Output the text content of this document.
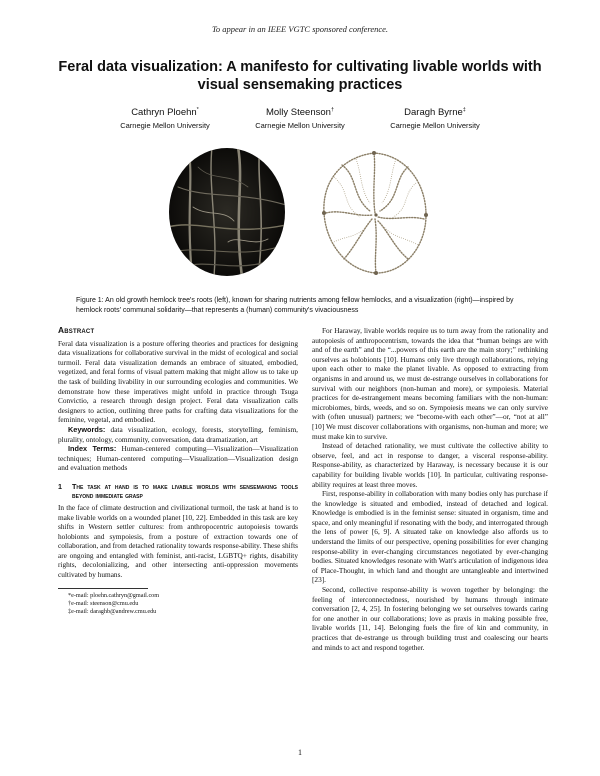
To appear in an IEEE VGTC sponsored conference.
Feral data visualization: A manifesto for cultivating livable worlds with visual sensemaking practices
Cathryn Ploehn*
Carnegie Mellon University
Molly Steenson†
Carnegie Mellon University
Daragh Byrne‡
Carnegie Mellon University
Figure 1: An old growth hemlock tree's roots (left), known for sharing nutrients among fellow hemlocks, and a visualization (right)—inspired by hemlock roots' communal solidarity—that represents a (human) community's vivaciousness
Abstract

Feral data visualization is a posture offering theories and practices for designing data visualizations for collaborative survival in the midst of ecological and social turmoil. Feral data visualization demands an embrace of situated, embodied, vegetized, and feral forms of visual pattern making that might allow us to take up the task of building livability in our surrounding ecologies and communities. We demonstrate how these imperatives might unfold in practice through Tsuga Convictio, a research through design project. Feral data visualization calls designers to action, outlining three paths for crafting data visualizations for the feminine, vegetal, and embodied.

Keywords: data visualization, ecology, forests, storytelling, feminism, plurality, ontology, community, conversation, data dramatization, art

Index Terms: Human-centered computing—Visualization—Visualization techniques; Human-centered computing—Visualization—Visualization design and evaluation methods

1	The task at hand is to make livable worlds with sensemaking tools beyond immediate grasp

In the face of climate destruction and civilizational turmoil, the task at hand is to make livable worlds on a wounded planet [10, 22]. Embedded in this task are key shifts in Western settler cultures: from anthropocentric autopoiesis towards holobionts and sympoiesis, from a posture of extraction towards one of collaboration, and from detached rationality towards response-ability. These shifts are ongoing and entangled with feminist, anti-racist, LGBTQ+ rights, disability rights, decolonializing, and other intersecting anti-oppression movements cultivated by humans.

*e-mail: ploehn.cathryn@gmail.com
†e-mail: steenson@cmu.edu
‡e-mail: daraghb@andrew.cmu.edu

For Haraway, livable worlds require us to turn away from the rationality and autopoiesis of anthropocentrism, towards the idea that “human beings are with and of the earth” and the “...powers of this earth are the main story;” rethinking ourselves as holobionts [10]. Humans only live through collaborations, relying upon each other to make the planet livable. As opposed to extracting from organisms in and around us, we must de-estrange ourselves in collaborations for survival with our neighbors (non-human and more), or sympoiesis. Material practices for de-estrangement means becoming familiars with the non-human: microbiomes, birds, weeds, and so on. Sympoiesis means we can only survive with (often unusual) partners; we “become-with each other”—or, “not at all” [10] We must discover collaborations with organisms, non-human and more; we must make kin to survive.

Instead of detached rationality, we must cultivate the collective ability to observe, feel, and act in response to danger, a visceral response-ability. Response-ability, as characterized by Haraway, is necessary because it is our capability for building livable worlds [10]. In particular, cultivating response-ability requires at least three moves.

First, response-ability in collaboration with many bodies only has purchase if the knowledge is situated and embodied, instead of detached and logical. Knowledge is embodied is in the feminist sense: situated in organism, time and space, and only meaningful if resonating with the body, and interrogated through the lens of power [6, 9]. A situated take on knowledge also affords us to understand the limits of our perspective, opening possibilities for ever changing response-ability in ever-changing circumstances negotiated by ever-changing bodies. Situated knowledges resonate with Watt's articulation of indigenous idea of Place-Thought, in which land and thought are untangleable and intertwined [23].

Second, collective response-ability is woven together by belonging: the feeling of interconnectedness, nourished by humans through intimate conversation [2, 4, 25]. In fostering belonging we set ourselves towards caring for one another in our collaborations; love as praxis in making possible free, livable worlds [11, 14]. Belonging fuels the fire of kin and community, in practices that de-estrange us through building trust and coalescing our hearts and minds to act and respond together.

1
